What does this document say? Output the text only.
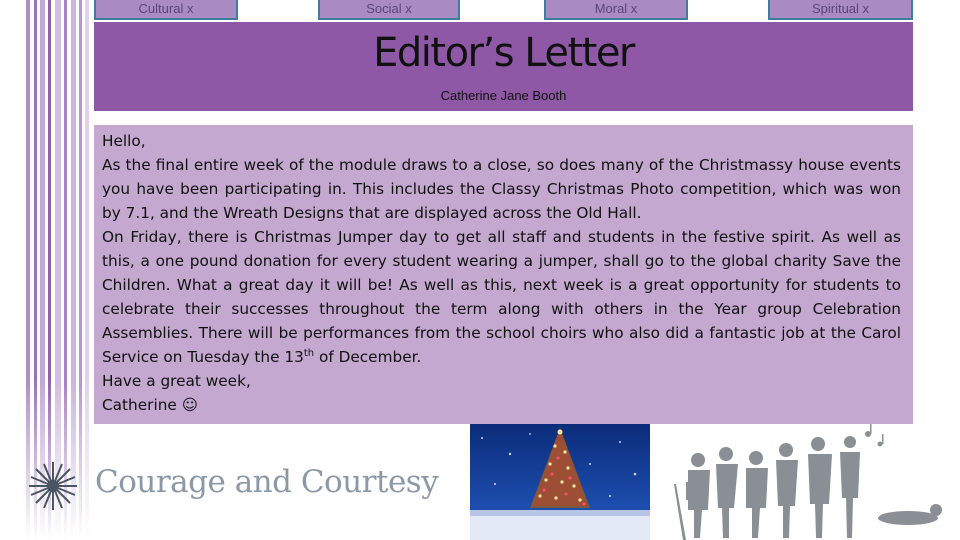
Cultural x	Social x	Moral x	Spiritual x
Editor’s Letter
Catherine Jane Booth

Hello,

As the final entire week of the module draws to a close, so does many of the Christmassy house events you have been participating in. This includes the Classy Christmas Photo competition, which was won by 7.1, and the Wreath Designs that are displayed across the Old Hall.

On Friday, there is Christmas Jumper day to get all staff and students in the festive spirit. As well as this, a one pound donation for every student wearing a jumper, shall go to the global charity Save the Children. What a great day it will be! As well as this, next week is a great opportunity for students to celebrate their successes throughout the term along with others in the Year group Celebration Assemblies. There will be performances from the school choirs who also did a fantastic job at the Carol Service on Tuesday the 13th of December.

Have a great week,

Catherine ☺

Courage and Courtesy
